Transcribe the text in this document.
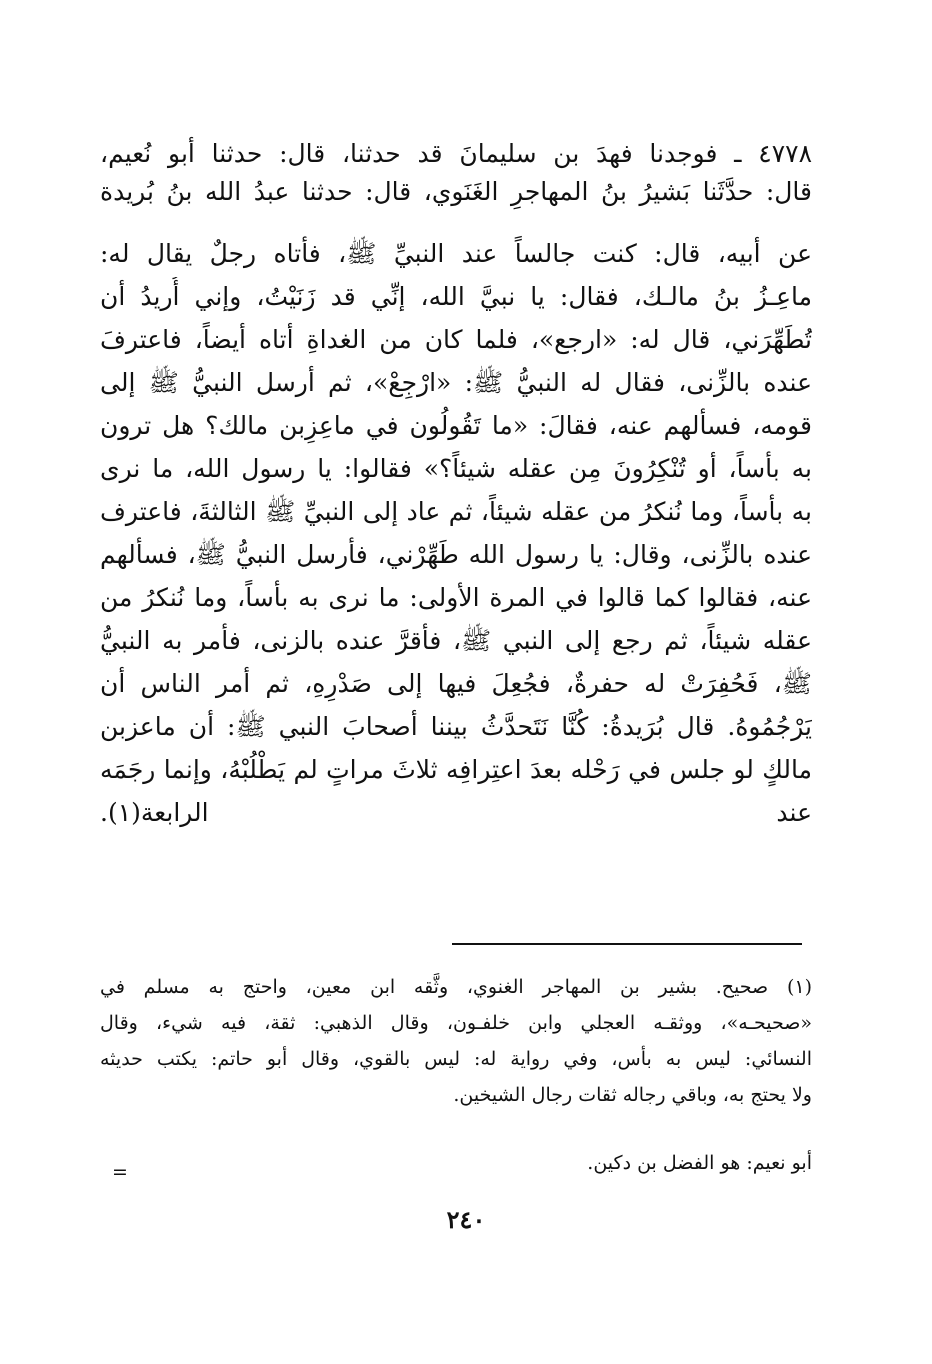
٤٧٧٨ ـ فوجدنا فهدَ بن سليمانَ قد حدثنا، قال: حدثنا أبو نُعيم،
قال: حدَّثَنا بَشيرُ بنُ المهاجرِ الغَنَوي، قال: حدثنا عبدُ الله بنُ بُريدة
عن أبيه، قال: كنت جالساً عند النبيِّ ﷺ، فأتاه رجلٌ يقال له:
ماعِـزُ بنُ مالـك، فقال: يا نبيَّ الله، إنِّي قد زَنَيْتُ، وإني أُريدُ أن
تُطَهِّرَني، قال له: «ارجع»، فلما كان من الغداةِ أتاه أيضاً، فاعترفَ
عنده بالزِّنى، فقال له النبيُّ ﷺ: «ارْجِعْ»، ثم أرسل النبيُّ ﷺ إلى
قومه، فسألهم عنه، فقالَ: «ما تَقُولُون في ماعِزِبن مالك؟ هل ترون
به بأساً، أو تُنْكِرُونَ مِن عقله شيئاً؟» فقالوا: يا رسول الله، ما نرى
به بأساً، وما نُنكرُ من عقله شيئاً، ثم عاد إلى النبيِّ ﷺ الثالثةَ، فاعترف
عنده بالزِّنى، وقال: يا رسول الله طَهِّرْني، فأرسل النبيُّ ﷺ، فسألهم
عنه، فقالوا كما قالوا في المرة الأولى: ما نرى به بأساً، وما نُنكرُ من
عقله شيئاً، ثم رجع إلى النبي ﷺ، فأقرَّ عنده بالزنى، فأمر به النبيُّ
ﷺ، فَحُفِرَتْ له حفرةٌ، فجُعِلَ فيها إلى صَدْرِهِ، ثم أمر الناس أن
يَرْجُمُوهُ. قال بُرَيدةُ: كُنَّا نَتَحدَّثُ بيننا أصحابَ النبي ﷺ: أن ماعزبن
مالكٍ لو جلس في رَحْله بعدَ اعتِرافِه ثلاثَ مراتٍ لم يَطْلُبْهُ، وإنما رجَمَه
عند الرابعة(١).
(١) صحيح. بشير بن المهاجر الغنوي، وثَّقه ابن معين، واحتج به مسلم في
«صحيحـه»، ووثقـه العجلي وابن خلفـون، وقال الذهبي: ثقة، فيه شيء، وقال
النسائي: ليس به بأس، وفي رواية له: ليس بالقوي، وقال أبو حاتم: يكتب حديثه
ولا يحتج به، وباقي رجاله ثقات رجال الشيخين.
أبو نعيم: هو الفضل بن دكين.
=
٢٤٠
